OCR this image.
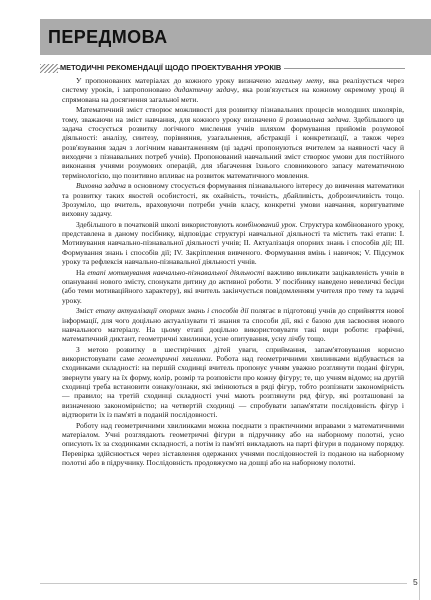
ПЕРЕДМОВА
МЕТОДИЧНІ РЕКОМЕНДАЦІЇ ЩОДО ПРОЕКТУВАННЯ УРОКІВ

У пропонованих матеріалах до кожного уроку визначено загальну мету, яка реалізується через систему уроків, і запропоновано дидактичну задачу, яка розв'язується на кожному окремому уроці й спрямована на досягнення загальної мети.

Математичний зміст створює можливості для розвитку пізнавальних процесів молодших школярів, тому, зважаючи на зміст навчання, для кожного уроку визначено й розвивальна задача. Здебільшого ця задача стосується розвитку логічного мислення учнів шляхом формування прийомів розумової діяльності: аналізу, синтезу, порівняння, узагальнення, абстракції і конкретизації, а також через розв'язування задач з логічним навантаженням (ці задачі пропонуються вчителем за наявності часу й виходячи з пізнавальних потреб учнів). Пропонований навчальний зміст створює умови для постійного виконання учнями розумових операцій, для збагачення їхнього словникового запасу математичною термінологією, що позитивно впливає на розвиток математичного мовлення.

Виховна задача в основному стосується формування пізнавального інтересу до вивчення математики та розвитку таких якостей особистості, як охайність, точність, дбайливість, доброзичливість тощо. Зрозуміло, що вчитель, враховуючи потреби учнів класу, конкретні умови навчання, коригуватиме виховну задачу.

Здебільшого в початковій школі використовують комбінований урок. Структура комбінованого уроку, представлена в даному посібнику, відповідає структурі навчальної діяльності та містить такі етапи: I. Мотивування навчально-пізнавальної діяльності учнів; II. Актуалізація опорних знань і способів дії; III. Формування знань і способів дії; IV. Закріплення вивченого. Формування вмінь і навичок; V. Підсумок уроку та рефлексія навчально-пізнавальної діяльності учнів.

На етапі мотивування навчально-пізнавальної діяльності важливо викликати зацікавленість учнів в опануванні нового змісту, спонукати дитину до активної роботи. У посібнику наведено невеличкі бесіди (або теми мотиваційного характеру), які вчитель закінчується повідомленням учителя про тему та задачі уроку.

Зміст етапу актуалізації опорних знань і способів дії полягає в підготовці учнів до сприйняття нової інформації, для чого доцільно актуалізувати ті знання та способи дії, які є базою для засвоєння нового навчального матеріалу. На цьому етапі доцільно використовувати такі види роботи: графічні, математичний диктант, геометричні хвилинки, усне опитування, усну лічбу тощо.

З метою розвитку в шестирічних дітей уваги, сприймання, запам'ятовування корисно використовувати саме геометричні хвилинки. Робота над геометричними хвилинками відбувається за сходинками складності: на першій сходинці вчитель пропонує учням уважно розглянути подані фігури, звернути увагу на їх форму, колір, розмір та розповісти про кожну фігуру; те, що учням відомо; на другій сходинці треба встановити ознаку/ознаки, які змінюються в ряді фігур, тобто розпізнати закономірність — правило; на третій сходинці складності учні мають розглянути ряд фігур, які розташовані за визначеною закономірністю; на четвертій сходинці — спробувати запам'ятати послідовність фігур і відтворити їх із пам'яті в поданій послідовності.

Роботу над геометричними хвилинками можна поєднати з практичними вправами з математичними матеріалом. Учні розглядають геометричні фігури в підручнику або на наборному полотні, усно описують їх за сходинками складності, а потім із пам'яті викладають на парті фігури в поданому порядку. Перевірка здійснюється через зіставлення одержаних учнями послідовностей із поданою на наборному полотні або в підручнику. Послідовність продовжуємо на дошці або на наборному полотні.

5
